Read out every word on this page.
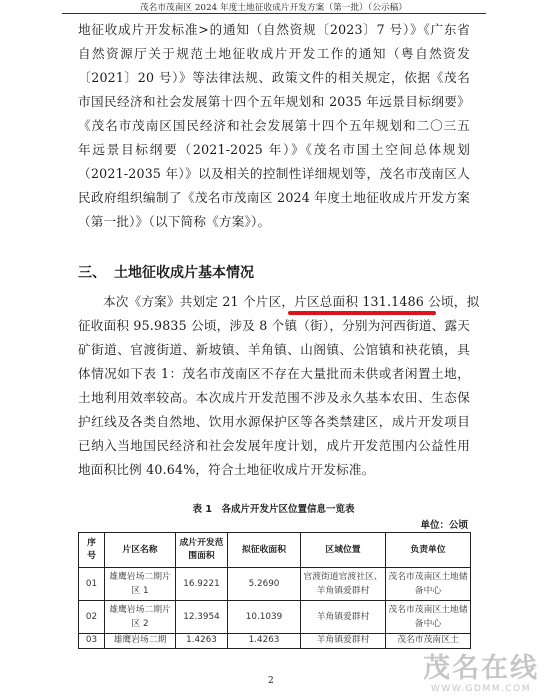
茂名市茂南区 2024 年度土地征收成片开发方案（第一批）（公示稿）
地征收成片开发标准>的通知（自然资规〔2023〕7 号）》《广东省
自然资源厅关于规范土地征收成片开发工作的通知（粤自然资发
〔2021〕20 号）》等法律法规、政策文件的相关规定，依据《茂名
市国民经济和社会发展第十四个五年规划和 2035 年远景目标纲要》
《茂名市茂南区国民经济和社会发展第十四个五年规划和二〇三五
年远景目标纲要（2021-2025 年）》《茂名市国土空间总体规划
（2021-2035 年）》以及相关的控制性详细规划等，茂名市茂南区人
民政府组织编制了《茂名市茂南区 2024 年度土地征收成片开发方案
（第一批）》（以下简称《方案》）。
三、 土地征收成片基本情况
本次《方案》共划定 21 个片区，片区总面积 131.1486 公顷，拟
征收面积 95.9835 公顷，涉及 8 个镇（街），分别为河西街道、露天
矿街道、官渡街道、新坡镇、羊角镇、山阁镇、公馆镇和袂花镇，具
体情况如下表 1：茂名市茂南区不存在大量批而未供或者闲置土地，
土地利用效率较高。本次成片开发范围不涉及永久基本农田、生态保
护红线及各类自然地、饮用水源保护区等各类禁建区，成片开发项目
已纳入当地国民经济和社会发展年度计划，成片开发范围内公益性用
地面积比例 40.64%，符合土地征收成片开发标准。
表 1　各成片开发片区位置信息一览表
单位：公顷
序号	片区名称	成片开发范围面积	拟征收面积	区域位置	负责单位
01	雄鹰岩场二期片区 1	16.9221	5.2690	官渡街道官渡社区、羊角镇爱群村	茂名市茂南区土地储备中心
02	雄鹰岩场二期片区 2	12.3954	10.1039	羊角镇爱群村	茂名市茂南区土地储备中心
03	雄鹰岩场二期	1.4263	1.4263	羊角镇爱群村	茂名市茂南区土
2	茂名在线
WWW.GDMM.COM
